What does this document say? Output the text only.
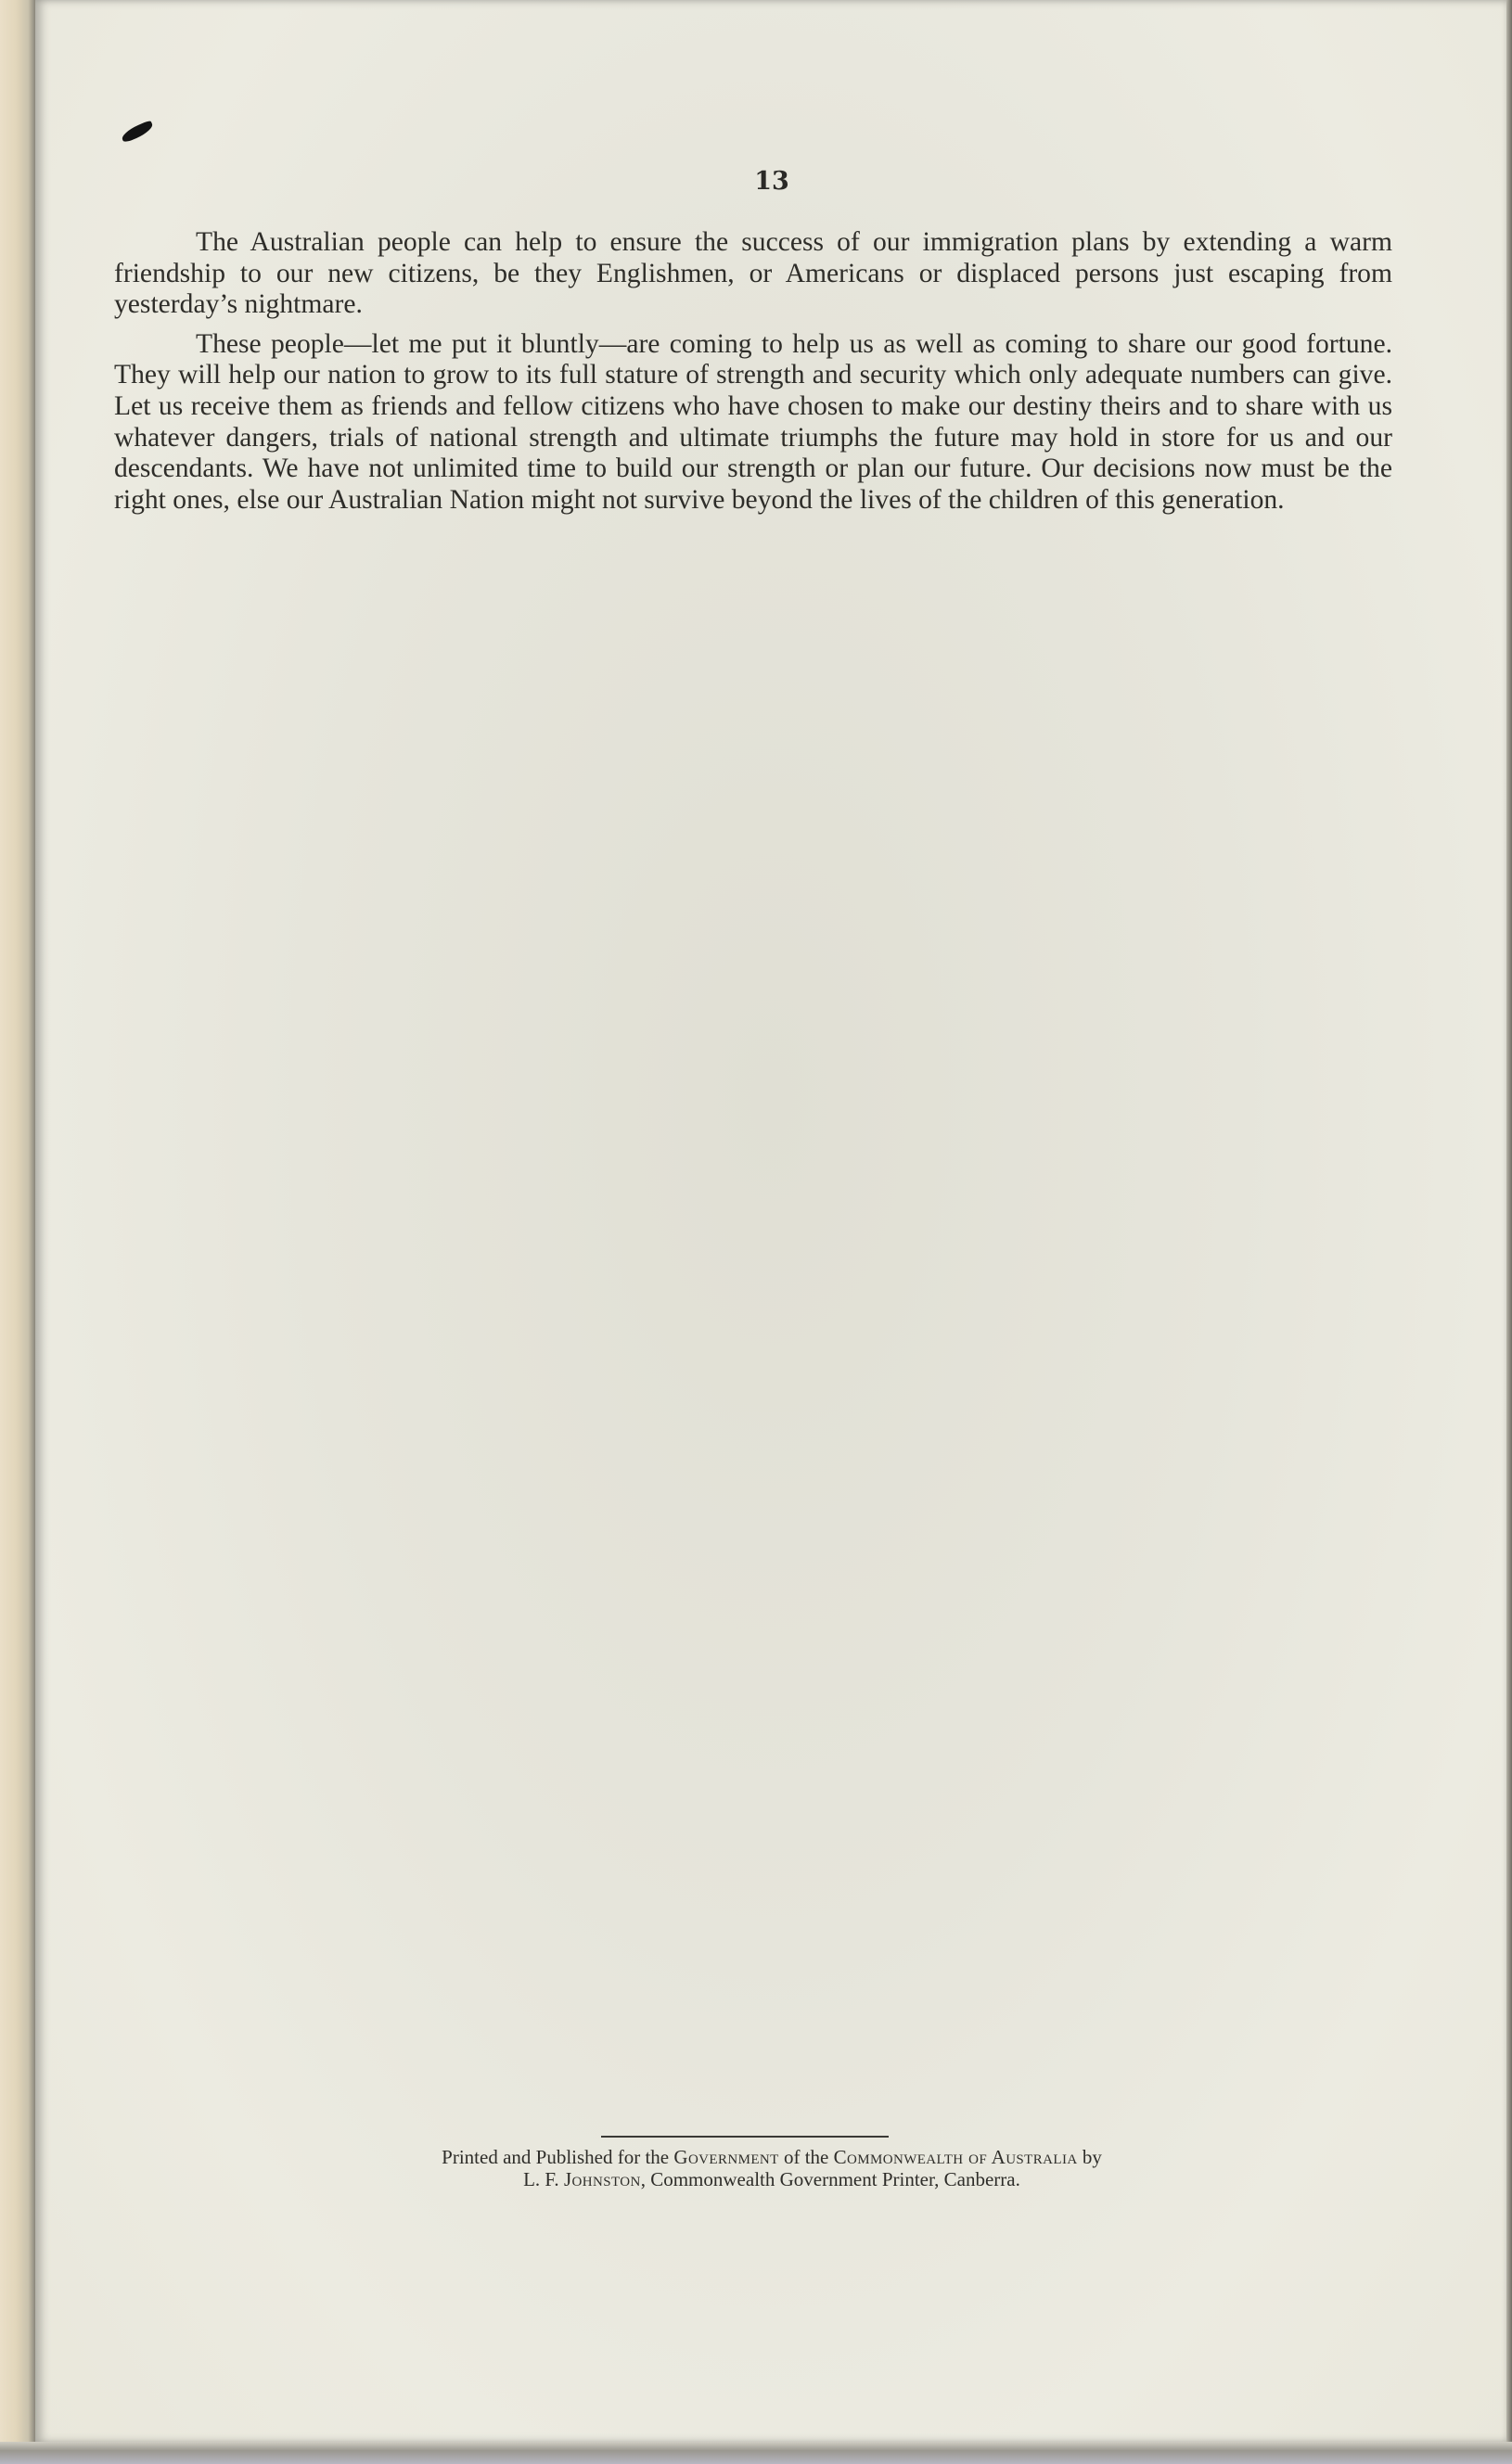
13

The Australian people can help to ensure the success of our immigration plans by extending a warm friendship to our new citizens, be they Englishmen, or Americans or displaced persons just escaping from yesterday’s nightmare.

These people—let me put it bluntly—are coming to help us as well as coming to share our good fortune. They will help our nation to grow to its full stature of strength and security which only adequate numbers can give. Let us receive them as friends and fellow citizens who have chosen to make our destiny theirs and to share with us whatever dangers, trials of national strength and ultimate triumphs the future may hold in store for us and our descendants. We have not unlimited time to build our strength or plan our future. Our decisions now must be the right ones, else our Australian Nation might not survive beyond the lives of the children of this generation.

Printed and Published for the Government of the Commonwealth of Australia by
L. F. Johnston, Commonwealth Government Printer, Canberra.
